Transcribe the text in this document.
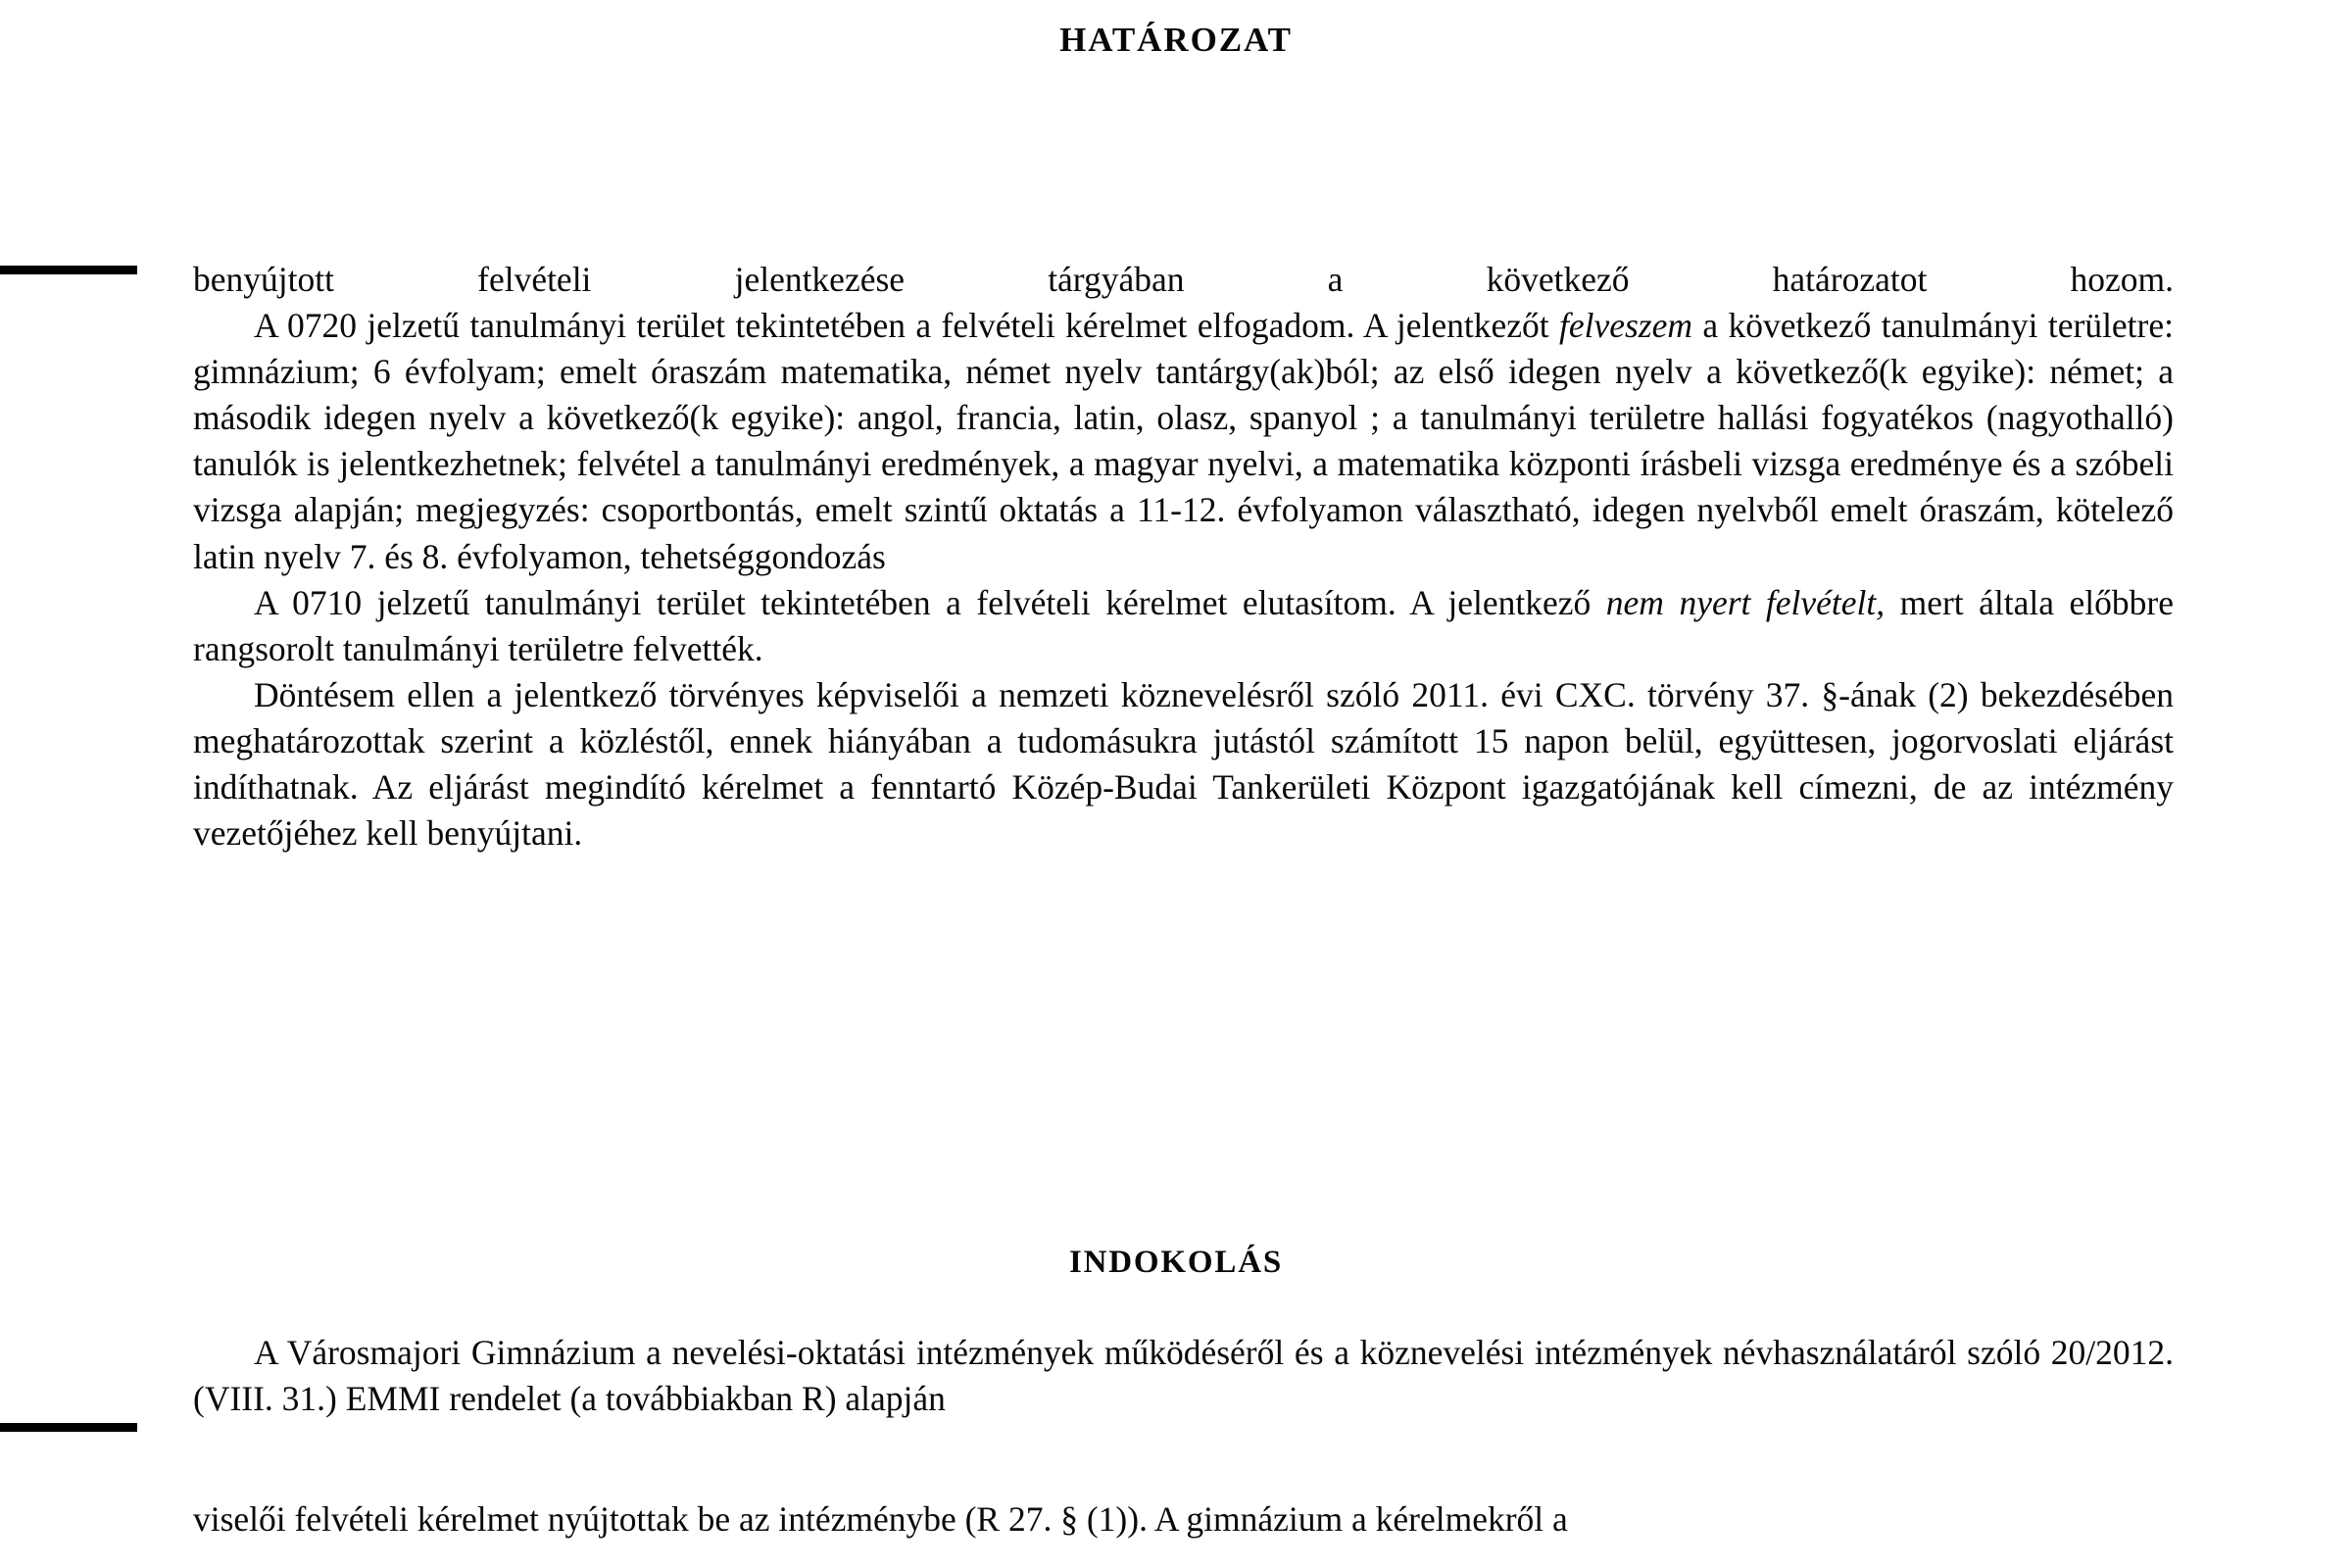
HATÁROZAT

benyújtott felvételi jelentkezése tárgyában a következő határozatot hozom.

A 0720 jelzetű tanulmányi terület tekintetében a felvételi kérelmet elfogadom. A jelentkezőt felveszem a következő tanulmányi területre: gimnázium; 6 évfolyam; emelt óraszám matematika, német nyelv tantárgy(ak)ból; az első idegen nyelv a következő(k egyike): német; a második idegen nyelv a következő(k egyike): angol, francia, latin, olasz, spanyol ; a tanulmányi területre hallási fogyatékos (nagyothalló) tanulók is jelentkezhetnek; felvétel a tanulmányi eredmények, a magyar nyelvi, a matematika központi írásbeli vizsga eredménye és a szóbeli vizsga alapján; megjegyzés: csoportbontás, emelt szintű oktatás a 11-12. évfolyamon választható, idegen nyelvből emelt óraszám, kötelező latin nyelv 7. és 8. évfolyamon, tehetséggondozás

A 0710 jelzetű tanulmányi terület tekintetében a felvételi kérelmet elutasítom. A jelentkező nem nyert felvételt, mert általa előbbre rangsorolt tanulmányi területre felvették.

Döntésem ellen a jelentkező törvényes képviselői a nemzeti köznevelésről szóló 2011. évi CXC. törvény 37. §-ának (2) bekezdésében meghatározottak szerint a közléstől, ennek hiányában a tudomásukra jutástól számított 15 napon belül, együttesen, jogorvoslati eljárást indíthatnak. Az eljárást megindító kérelmet a fenntartó Közép-Budai Tankerületi Központ igazgatójának kell címezni, de az intézmény vezetőjéhez kell benyújtani.

INDOKOLÁS

A Városmajori Gimnázium a nevelési-oktatási intézmények működéséről és a köznevelési intézmények névhasználatáról szóló 20/2012. (VIII. 31.) EMMI rendelet (a továbbiakban R) alapján

viselői felvételi kérelmet nyújtottak be az intézménybe (R 27. § (1)). A gimnázium a kérelmekről a
